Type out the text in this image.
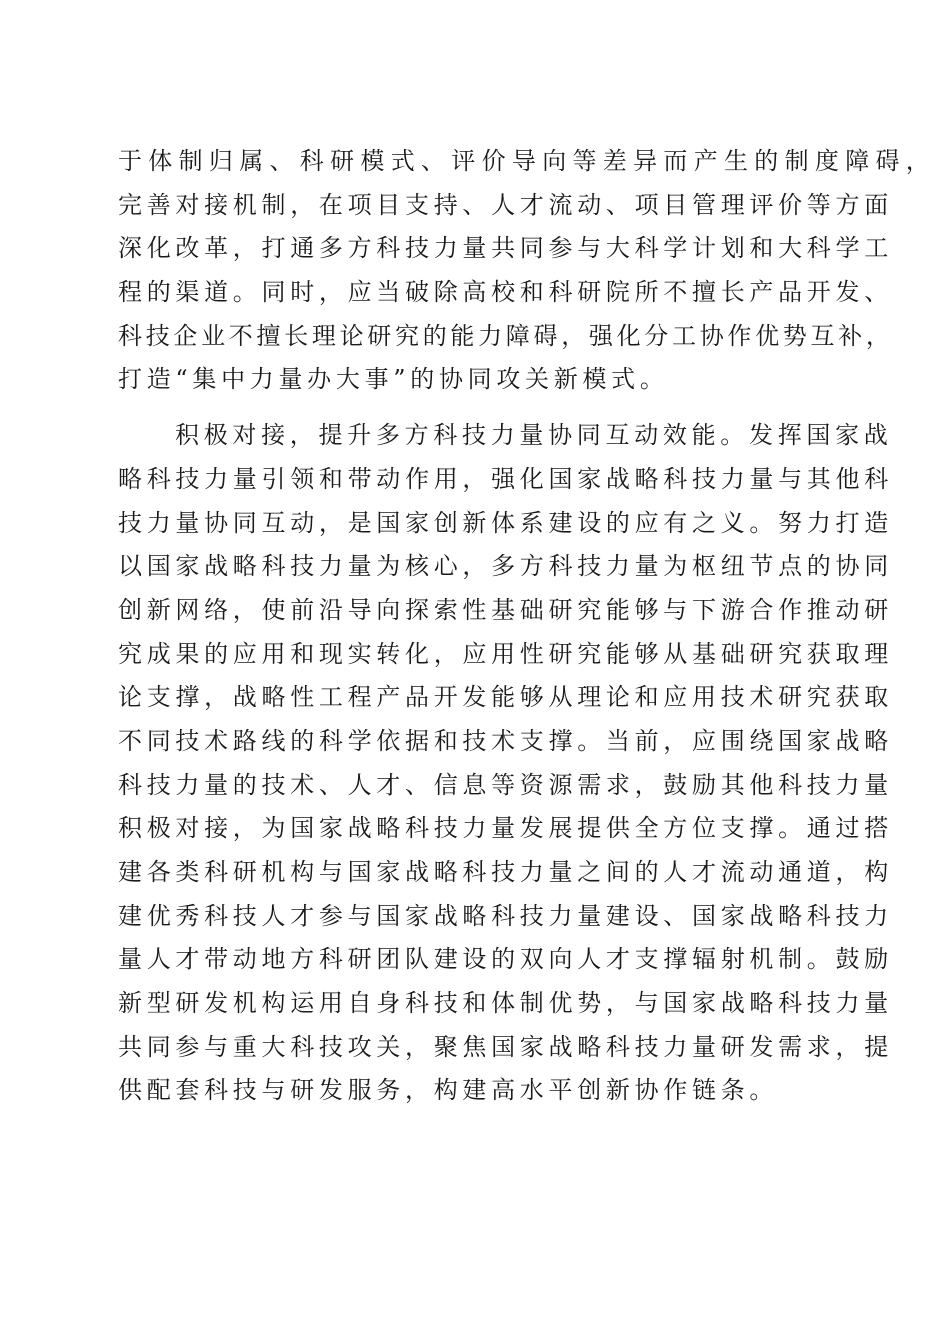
于体制归属、科研模式、评价导向等差异而产生的制度障碍，
完善对接机制，在项目支持、人才流动、项目管理评价等方面
深化改革，打通多方科技力量共同参与大科学计划和大科学工
程的渠道。同时，应当破除高校和科研院所不擅长产品开发、
科技企业不擅长理论研究的能力障碍，强化分工协作优势互补，
打造“集中力量办大事”的协同攻关新模式。
积极对接，提升多方科技力量协同互动效能。发挥国家战
略科技力量引领和带动作用，强化国家战略科技力量与其他科
技力量协同互动，是国家创新体系建设的应有之义。努力打造
以国家战略科技力量为核心，多方科技力量为枢纽节点的协同
创新网络，使前沿导向探索性基础研究能够与下游合作推动研
究成果的应用和现实转化，应用性研究能够从基础研究获取理
论支撑，战略性工程产品开发能够从理论和应用技术研究获取
不同技术路线的科学依据和技术支撑。当前，应围绕国家战略
科技力量的技术、人才、信息等资源需求，鼓励其他科技力量
积极对接，为国家战略科技力量发展提供全方位支撑。通过搭
建各类科研机构与国家战略科技力量之间的人才流动通道，构
建优秀科技人才参与国家战略科技力量建设、国家战略科技力
量人才带动地方科研团队建设的双向人才支撑辐射机制。鼓励
新型研发机构运用自身科技和体制优势，与国家战略科技力量
共同参与重大科技攻关，聚焦国家战略科技力量研发需求，提
供配套科技与研发服务，构建高水平创新协作链条。
